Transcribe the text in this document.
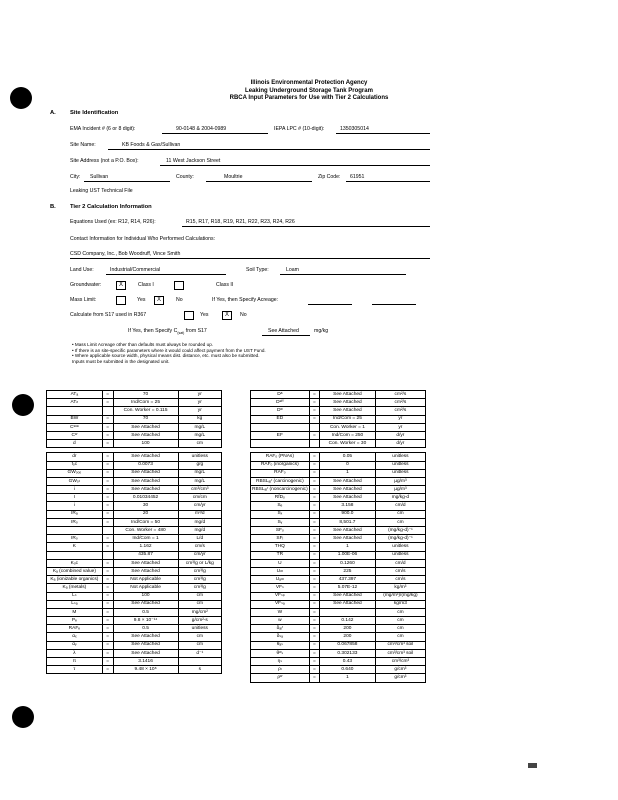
Illinois Environmental Protection Agency
Leaking Underground Storage Tank Program
RBCA Input Parameters for Use with Tier 2 Calculations
A. Site Identification
EMA Incident # (6 or 8 digit):	90-0148 & 2004-0989	IEPA LPC # (10-digit):	1350305014
Site Name:	KB Foods & Gas/Sullivan
Site Address (not a P.O. Box):	11 West Jackson Street
City: Sullivan	County:	Moultrie	Zip Code: 61951
Leaking UST Technical File
B. Tier 2 Calculation Information
Equations Used (ex: R12, R14, R26):	R15, R17, R18, R19, R21, R22, R23, R24, R26
Contact Information for Individual Who Performed Calculations:
CSD Company, Inc., Bob Woodruff, Vince Smith
Land Use:	Industrial/Commercial	Soil Type:	Loam
Groundwater:	X	Class I	Class II
Mass Limit:	Yes	X	No	If Yes, then Specify Acreage:
Calculate from S17 used in R367	Yes	X	No
If Yes, then Specify $C_{(sat)}$ from S17	See Attached	mg/kg
• Mass Limit Acreage other than defaults must always be rounded up.
• If there is an site-specific parameters where it would could affect payment from the UST Fund.
• Where applicable source width, physical means dist. distance, etc. must also be submitted.
Inputs must be submitted in the designated unit.
ATₐ	=	70	yr
ATₙ	=	Ind/Com = 25	yr
		Con. Worker = 0.115	yr
BW	=	70	kg
Cˢᵘᵉ	=	See Attached	mg/L
Cʷ	=	See Attached	mg/L
d	=	100	cm

dr	=	See Attached	unitless
fₒc	=	0.0073	g/g
GWₒₒₒ	=	See Attached	mg/L
GWₒₜ	=	See Attached	mg/L
i	=	See Attached	cm³/cm³
I	=	0.01034452	cm/cm
i	=	30	cm/yr
IRₐ	=	20	m³/d
IRₒ	=	Ind/Com = 50	mg/d
		Con. Worker = 480	mg/d
IRₒ	=	Ind/Com = 1	L/d
K	=	1.162	cm/s
		435.87	cm/yr
Kₒc	=	See Attached	cm³/g or L/kg
Kₐ (combined value)	=	See Attached	cm³/g
Kₐ (ionizable organics)	=	Not Applicable	cm³/g
Kₐ (metals)	=	Not Applicable	cm³/g
Lₛ	=	100	cm
Lₛₐ	=	See Attached	cm
M	=	0.5	mg/cm²
Pₑ	=	9.8 × 10⁻¹⁴	g/cm²-s
RAFₑ	=	0.5	unitless
αₓ	=	See Attached	cm
αᵧ	=	See Attached	cm
λ	=	See Attached	d⁻¹
π	=	3.1416	
τ	=	9.48 × 10⁸	s
Dᵃ	=	See Attached	cm²/s
Dᵉᶠᶠ	=	See Attached	cm²/s
Dʷ	=	See Attached	cm²/s
ED	=	Ind/Com = 25	yr
		Con. Worker = 1	yr
EF	=	Ind/Com = 250	d/yr
		Con. Worker = 30	d/yr

RAFₒ (PNAs)	=	0.05	unitless
RAFₒ (inorganics)	=	0	unitless
RAFₒ	=	1	unitless
RBSLₐᵢʳ (carcinogenic)	=	See Attached	µg/m³
RBSLₐᵢʳ (noncarcinogenic)	=	See Attached	µg/m³
RfDₒ	=	See Attached	mg/kg-d
Sₑ	=	3.158	cm/d
Sₓ	=	900.0	cm
Sᵧ	=	8,501.7	cm
SFₒ	=	See Attached	(mg/kg-d)⁻¹
SFᵢ	=	See Attached	(mg/kg-d)⁻¹
THQ	=	1	unitless
TR	=	1.00E-06	unitless
U	=	0.1260	cm/d
Uₘ	=	225	cm/s
Uₐₘ	=	437.397	cm/s
VFₛ	=	5.07E-12	kg/m³
VFₛₚ	=	See Attached	(mg/m³)/(mg/kg)
VFₛₐ	=	See Attached	kg/m3
W	=		cm
w	=	0.142	cm
δₐᵢʳ	=	200	cm
δₛₐ	=	200	cm
θₐₛ	=	0.067858	cm³/cm³ soil
θʷₛ	=	0.302133	cm³/cm³ soil
ηₛ	=	0.43	cm³/cm³
ρₗ	=	0.640	g/cm³
ρʷ	=	1	g/cm³
